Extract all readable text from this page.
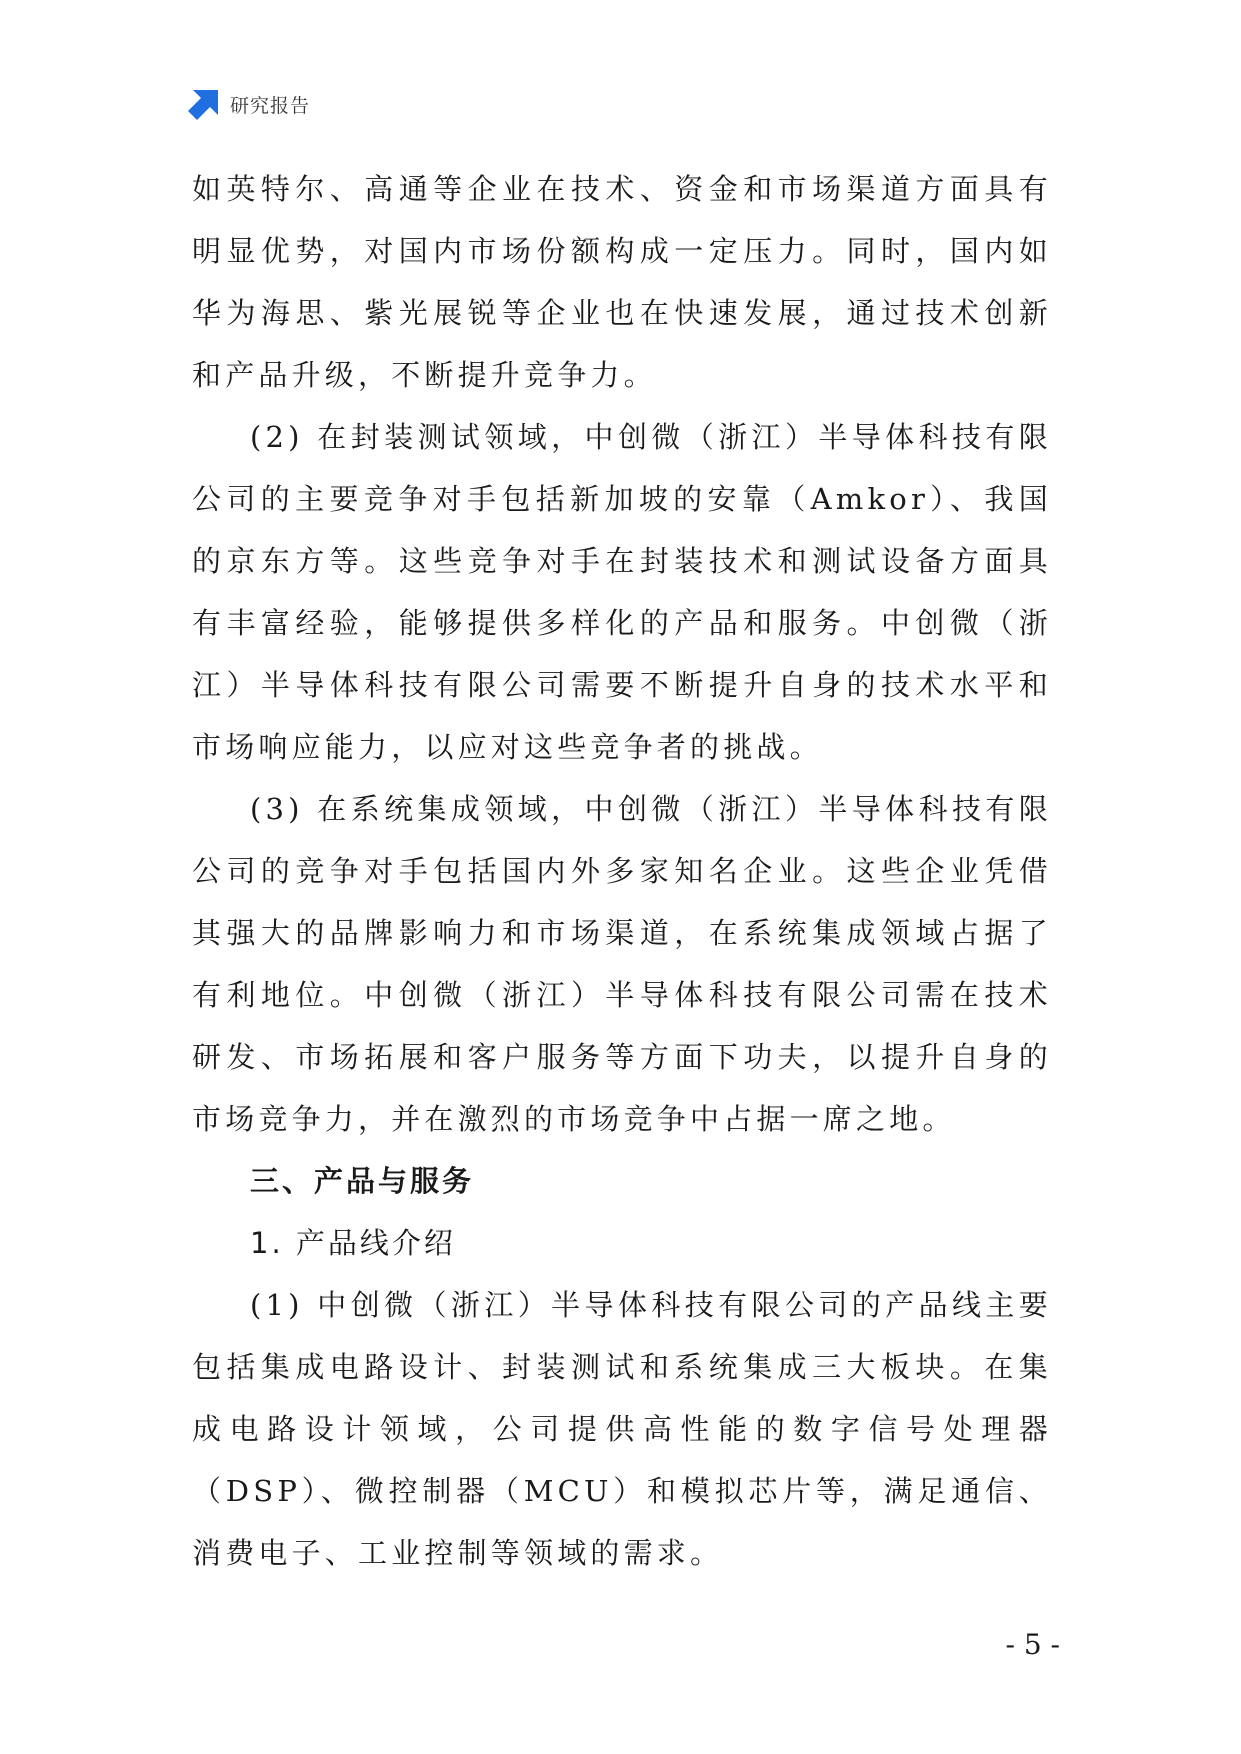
研究报告

如英特尔、高通等企业在技术、资金和市场渠道方面具有明显优势，对国内市场份额构成一定压力。同时，国内如华为海思、紫光展锐等企业也在快速发展，通过技术创新和产品升级，不断提升竞争力。

(2) 在封装测试领域，中创微（浙江）半导体科技有限公司的主要竞争对手包括新加坡的安靠（Amkor）、我国的京东方等。这些竞争对手在封装技术和测试设备方面具有丰富经验，能够提供多样化的产品和服务。中创微（浙江）半导体科技有限公司需要不断提升自身的技术水平和市场响应能力，以应对这些竞争者的挑战。

(3) 在系统集成领域，中创微（浙江）半导体科技有限公司的竞争对手包括国内外多家知名企业。这些企业凭借其强大的品牌影响力和市场渠道，在系统集成领域占据了有利地位。中创微（浙江）半导体科技有限公司需在技术研发、市场拓展和客户服务等方面下功夫，以提升自身的市场竞争力，并在激烈的市场竞争中占据一席之地。

三、产品与服务

1. 产品线介绍

(1) 中创微（浙江）半导体科技有限公司的产品线主要包括集成电路设计、封装测试和系统集成三大板块。在集成电路设计领域，公司提供高性能的数字信号处理器（DSP）、微控制器（MCU）和模拟芯片等，满足通信、消费电子、工业控制等领域的需求。

- 5 -
